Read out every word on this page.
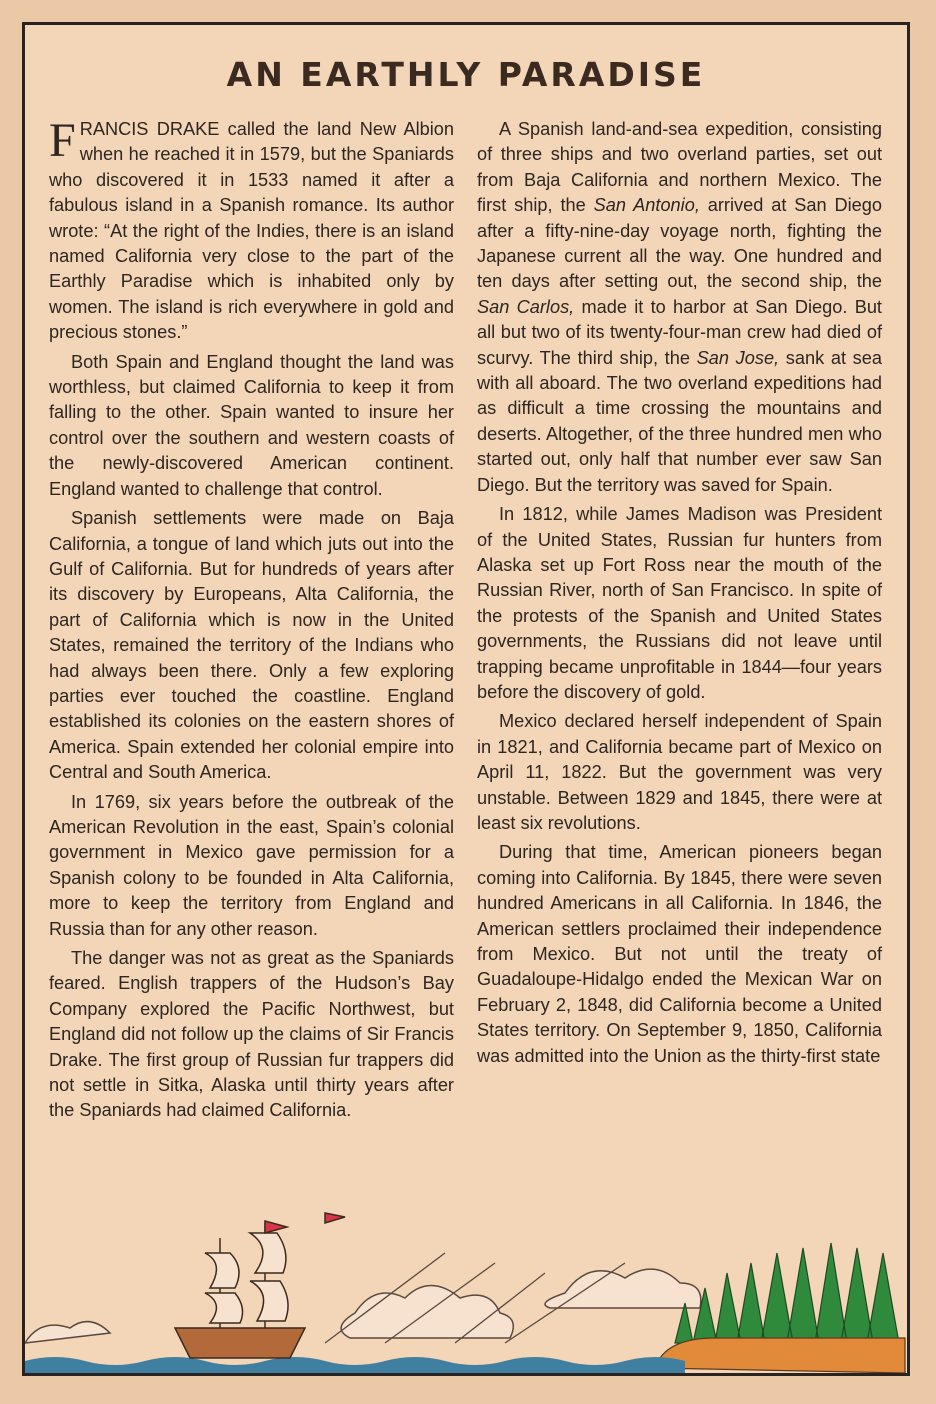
AN EARTHLY PARADISE

FRANCIS DRAKE called the land New Albion when he reached it in 1579, but the Spaniards who discovered it in 1533 named it after a fabulous island in a Spanish romance. Its author wrote: “At the right of the Indies, there is an island named California very close to the part of the Earthly Paradise which is inhabited only by women. The island is rich everywhere in gold and precious stones.”

Both Spain and England thought the land was worthless, but claimed California to keep it from falling to the other. Spain wanted to insure her control over the southern and western coasts of the newly-discovered American continent. England wanted to challenge that control.

Spanish settlements were made on Baja California, a tongue of land which juts out into the Gulf of California. But for hundreds of years after its discovery by Europeans, Alta California, the part of California which is now in the United States, remained the territory of the Indians who had always been there. Only a few exploring parties ever touched the coastline. England established its colonies on the eastern shores of America. Spain extended her colonial empire into Central and South America.

In 1769, six years before the outbreak of the American Revolution in the east, Spain’s colonial government in Mexico gave permission for a Spanish colony to be founded in Alta California, more to keep the territory from England and Russia than for any other reason.

The danger was not as great as the Spaniards feared. English trappers of the Hudson’s Bay Company explored the Pacific Northwest, but England did not follow up the claims of Sir Francis Drake. The first group of Russian fur trappers did not settle in Sitka, Alaska until thirty years after the Spaniards had claimed California.

A Spanish land-and-sea expedition, consisting of three ships and two overland parties, set out from Baja California and northern Mexico. The first ship, the San Antonio, arrived at San Diego after a fifty-nine-day voyage north, fighting the Japanese current all the way. One hundred and ten days after setting out, the second ship, the San Carlos, made it to harbor at San Diego. But all but two of its twenty-four-man crew had died of scurvy. The third ship, the San Jose, sank at sea with all aboard. The two overland expeditions had as difficult a time crossing the mountains and deserts. Altogether, of the three hundred men who started out, only half that number ever saw San Diego. But the territory was saved for Spain.

In 1812, while James Madison was President of the United States, Russian fur hunters from Alaska set up Fort Ross near the mouth of the Russian River, north of San Francisco. In spite of the protests of the Spanish and United States governments, the Russians did not leave until trapping became unprofitable in 1844—four years before the discovery of gold.

Mexico declared herself independent of Spain in 1821, and California became part of Mexico on April 11, 1822. But the government was very unstable. Between 1829 and 1845, there were at least six revolutions.

During that time, American pioneers began coming into California. By 1845, there were seven hundred Americans in all California. In 1846, the American settlers proclaimed their independence from Mexico. But not until the treaty of Guadaloupe-Hidalgo ended the Mexican War on February 2, 1848, did California become a United States territory. On September 9, 1850, California was admitted into the Union as the thirty-first state
